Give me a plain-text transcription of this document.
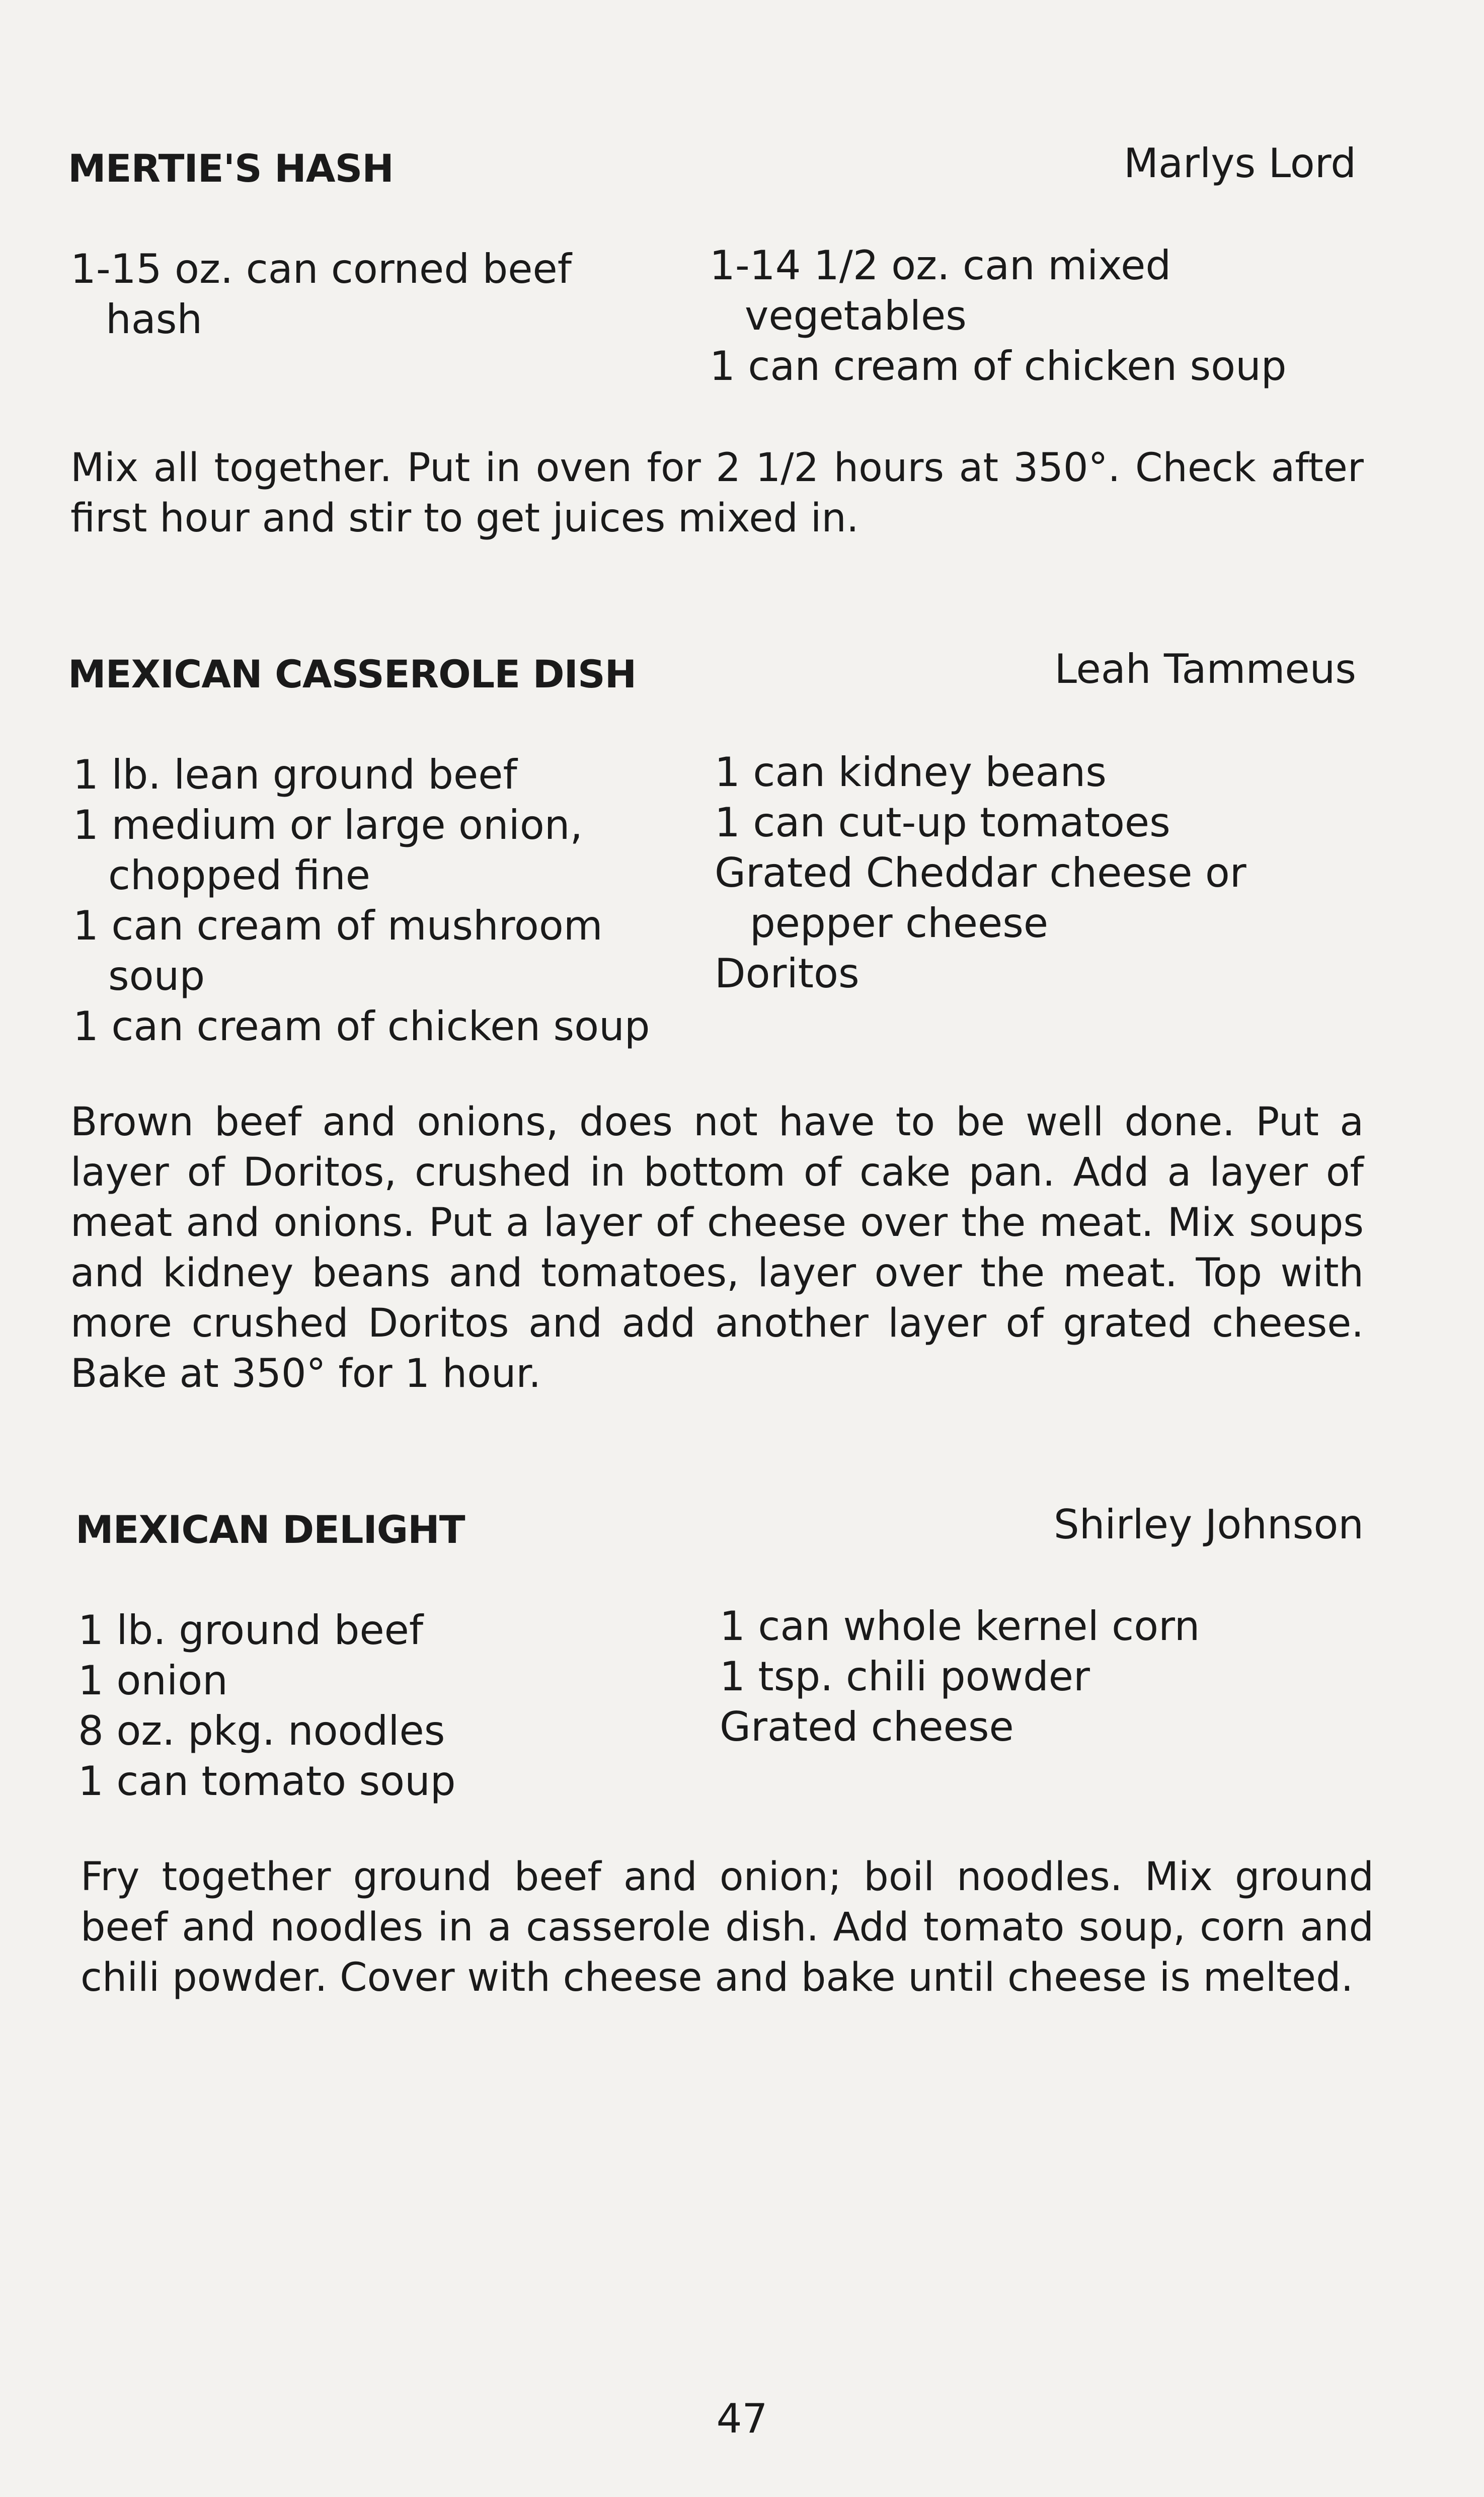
MERTIE'S HASH	Marlys Lord
1-15 oz. can corned beef
hash
1-14 1/2 oz. can mixed
vegetables
1 can cream of chicken soup
Mix all together. Put in oven for 2 1/2 hours at 350°. Check after first hour and stir to get juices mixed in.
MEXICAN CASSEROLE DISH	Leah Tammeus
1 lb. lean ground beef
1 medium or large onion,
chopped fine
1 can cream of mushroom
soup
1 can cream of chicken soup
1 can kidney beans
1 can cut-up tomatoes
Grated Cheddar cheese or
pepper cheese
Doritos
Brown beef and onions, does not have to be well done. Put a layer of Doritos, crushed in bottom of cake pan. Add a layer of meat and onions. Put a layer of cheese over the meat. Mix soups and kidney beans and tomatoes, layer over the meat. Top with more crushed Doritos and add another layer of grated cheese. Bake at 350° for 1 hour.
MEXICAN DELIGHT	Shirley Johnson
1 lb. ground beef
1 onion
8 oz. pkg. noodles
1 can tomato soup
1 can whole kernel corn
1 tsp. chili powder
Grated cheese
Fry together ground beef and onion; boil noodles. Mix ground beef and noodles in a casserole dish. Add tomato soup, corn and chili powder. Cover with cheese and bake until cheese is melted.
47
